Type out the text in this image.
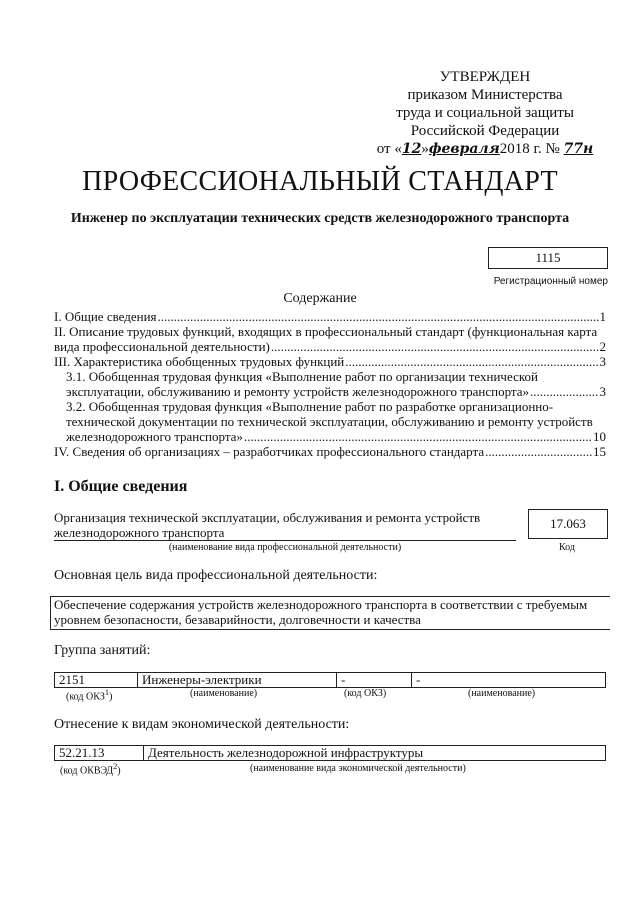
УТВЕРЖДЕН
приказом Министерства
труда и социальной защиты
Российской Федерации
от «12»февраля2018 г. № 77н
ПРОФЕССИОНАЛЬНЫЙ СТАНДАРТ
Инженер по эксплуатации технических средств железнодорожного транспорта
1115
Регистрационный номер
Содержание
I. Общие сведения .....	1
II. Описание трудовых функций, входящих в профессиональный стандарт (функциональная карта
вида профессиональной деятельности) .....	2
III. Характеристика обобщенных трудовых функций .....	3
3.1. Обобщенная трудовая функция «Выполнение работ по организации технической
эксплуатации, обслуживанию и ремонту устройств железнодорожного транспорта» .....	3
3.2. Обобщенная трудовая функция «Выполнение работ по разработке организационно-
технической документации по технической эксплуатации, обслуживанию и ремонту устройств
железнодорожного транспорта» .....	10
IV. Сведения об организациях – разработчиках профессионального стандарта .....	15
I. Общие сведения
Организация технической эксплуатации, обслуживания и ремонта устройств
железнодорожного транспорта
(наименование вида профессиональной деятельности)
17.063
Код
Основная цель вида профессиональной деятельности:
Обеспечение содержания устройств железнодорожного транспорта в соответствии с требуемым
уровнем безопасности, безаварийности, долговечности и качества
Группа занятий:
2151	Инженеры-электрики	-	-
(код ОКЗ$^1$)	(наименование)	(код ОКЗ)	(наименование)
Отнесение к видам экономической деятельности:
52.21.13	Деятельность железнодорожной инфраструктуры
(код ОКВЭД$^2$)	(наименование вида экономической деятельности)
